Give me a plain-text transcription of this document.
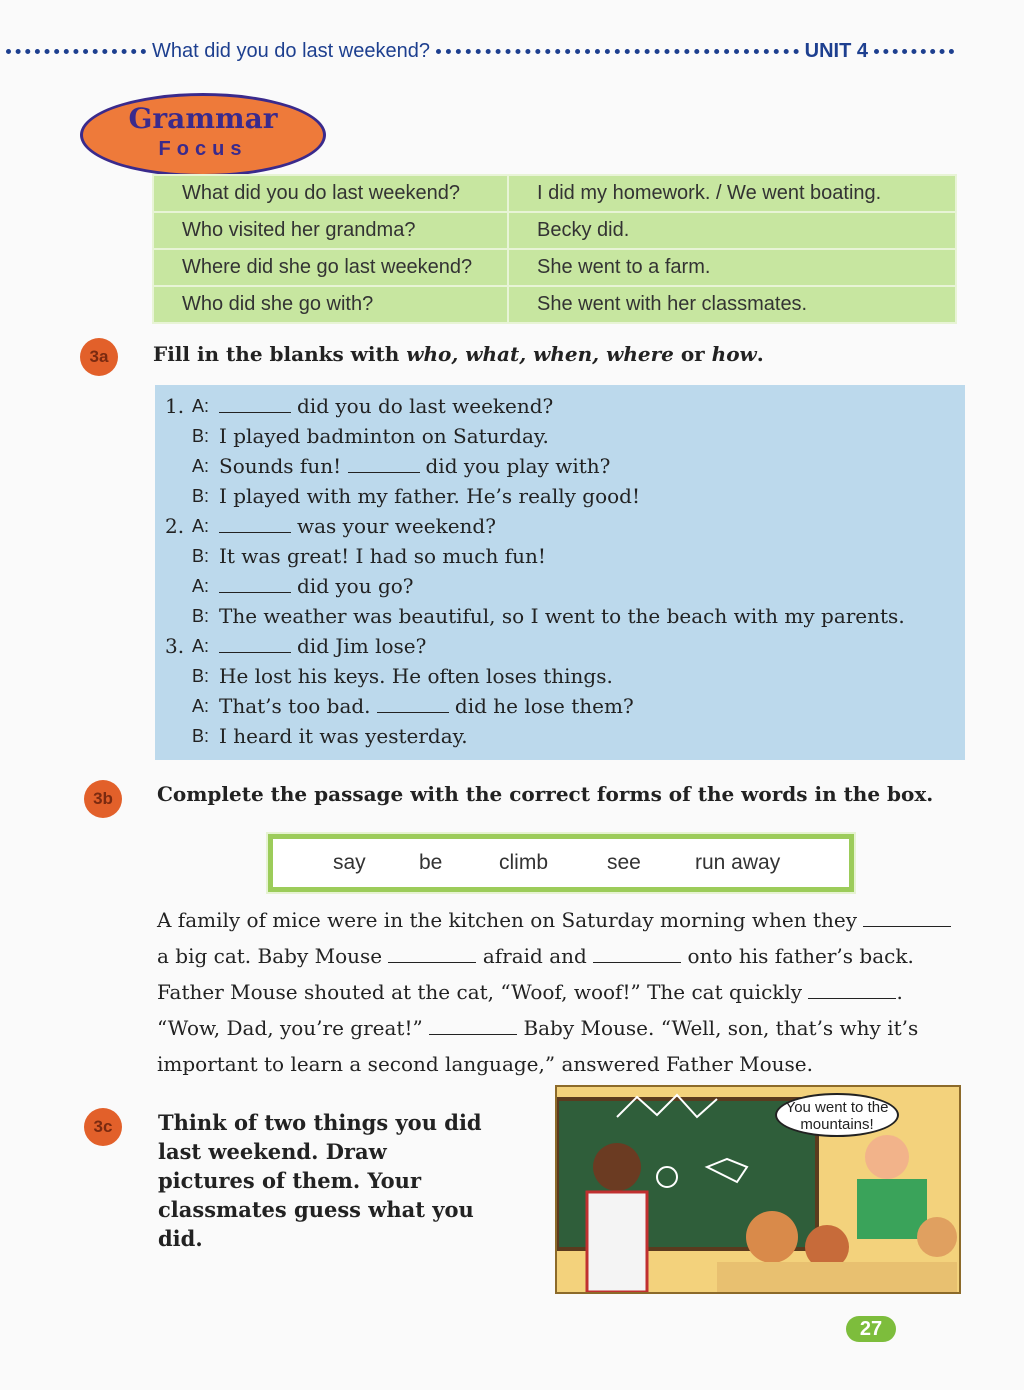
What did you do last weekend?	UNIT 4
Grammar
Focus
What did you do last weekend?	I did my homework. / We went boating.
Who visited her grandma?	Becky did.
Where did she go last weekend?	She went to a farm.
Who did she go with?	She went with her classmates.
3a	Fill in the blanks with who, what, when, where or how.
1. A:	did you do last weekend?
B: I played badminton on Saturday.
A: Sounds fun!	did you play with?
B: I played with my father. He’s really good!
2. A:	was your weekend?
B: It was great! I had so much fun!
A:	did you go?
B: The weather was beautiful, so I went to the beach with my parents.
3. A:	did Jim lose?
B: He lost his keys. He often loses things.
A: That’s too bad.	did he lose them?
B: I heard it was yesterday.
3b	Complete the passage with the correct forms of the words in the box.
say	be	climb	see	run away
A family of mice were in the kitchen on Saturday morning when they
a big cat. Baby Mouse	afraid and	onto his father’s back.
Father Mouse shouted at the cat, “Woof, woof!” The cat quickly	.
“Wow, Dad, you’re great!”	Baby Mouse. “Well, son, that’s why it’s
important to learn a second language,” answered Father Mouse.
3c	Think of two things you did last weekend. Draw pictures of them. Your classmates guess what you did.
You went to the mountains!
27
